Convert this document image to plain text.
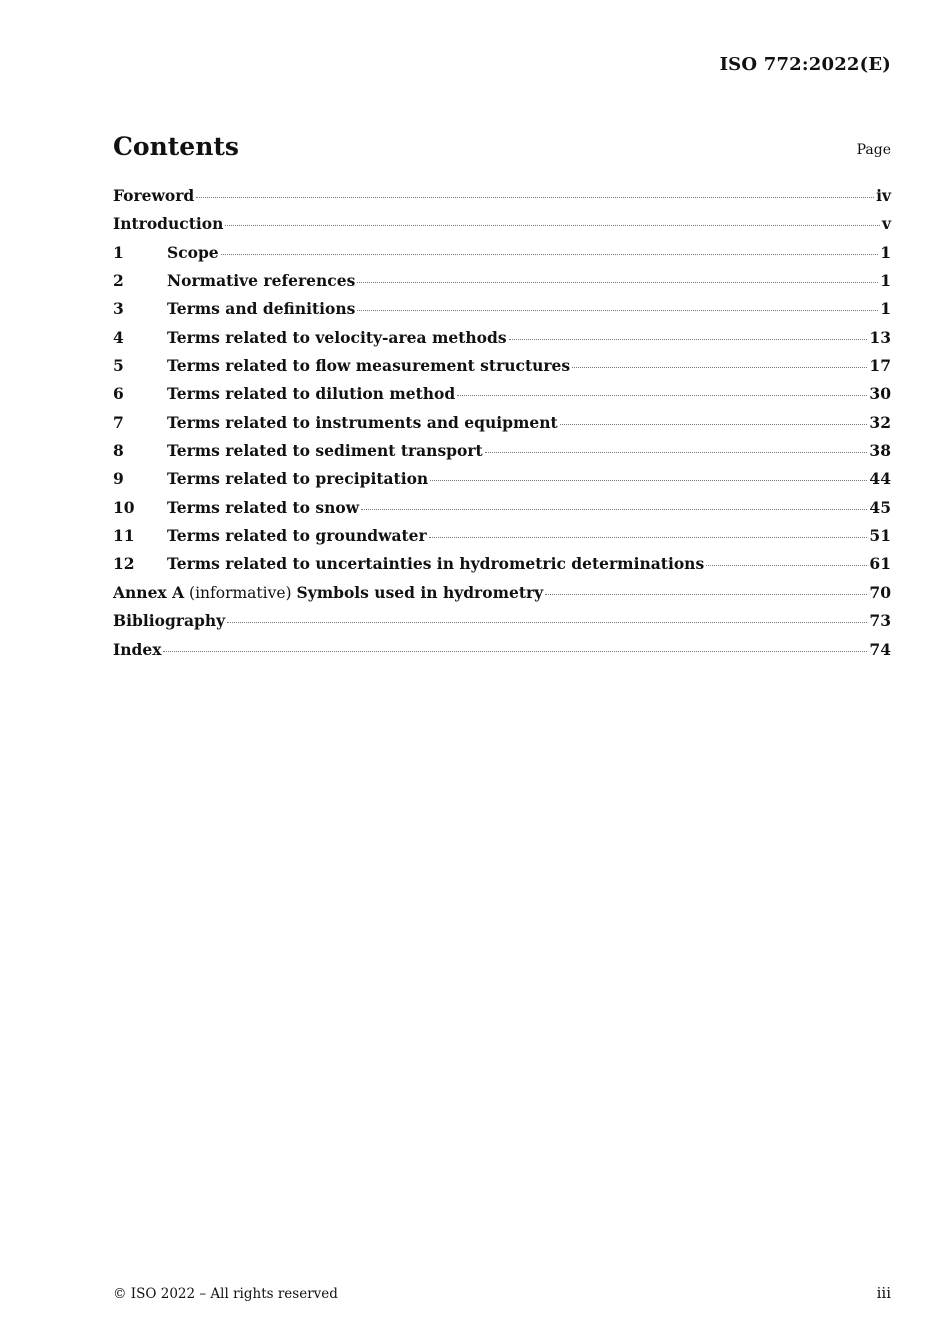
ISO 772:2022(E)
Contents	Page
Foreword	iv
Introduction	v
1	Scope	1
2	Normative references	1
3	Terms and definitions	1
4	Terms related to velocity-area methods	13
5	Terms related to flow measurement structures	17
6	Terms related to dilution method	30
7	Terms related to instruments and equipment	32
8	Terms related to sediment transport	38
9	Terms related to precipitation	44
10	Terms related to snow	45
11	Terms related to groundwater	51
12	Terms related to uncertainties in hydrometric determinations	61
Annex A (informative) Symbols used in hydrometry	70
Bibliography	73
Index	74
© ISO 2022 – All rights reserved	iii
